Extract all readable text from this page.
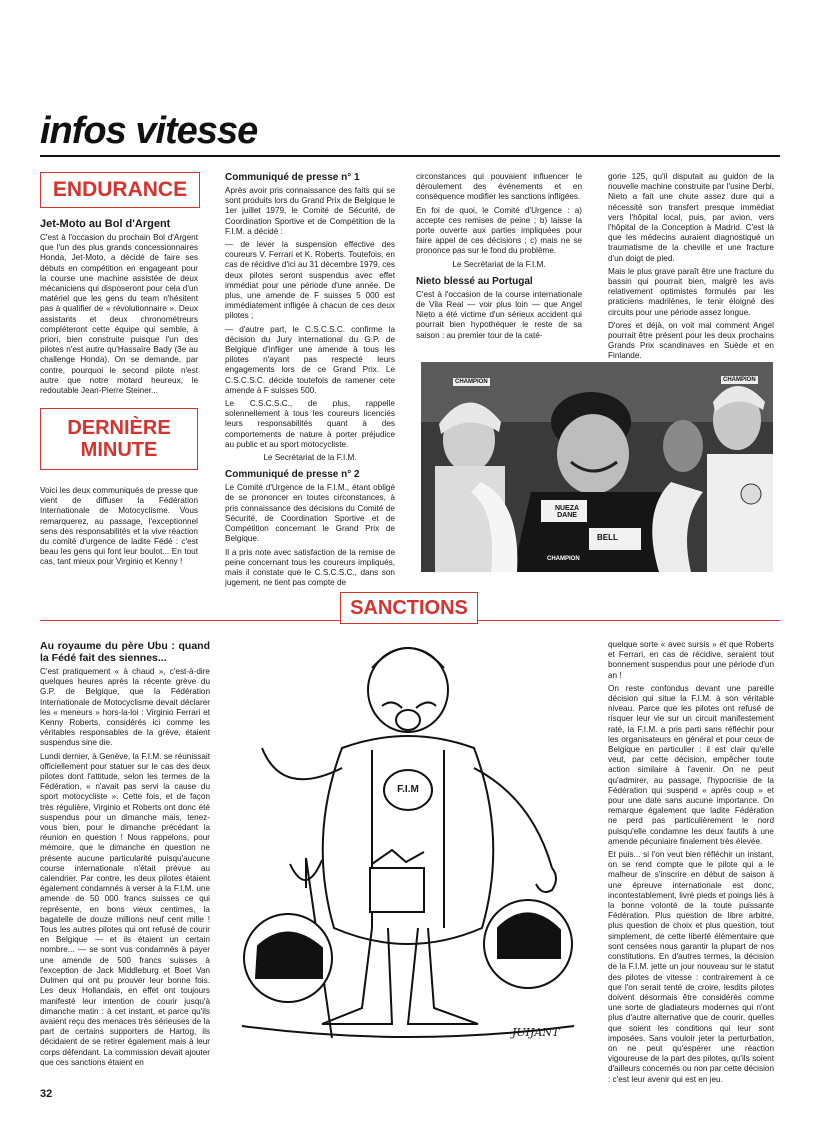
infos vitesse
ENDURANCE
Jet-Moto au Bol d'Argent

C'est à l'occasion du prochain Bol d'Argent que l'un des plus grands concessionnaires Honda, Jet-Moto, a décidé de faire ses débuts en compétition en engageant pour la course une machine assistée de deux mécaniciens qui disposeront pour cela d'un matériel que les gens du team n'hésitent pas à qualifier de « révolutionnaire ». Deux assistants et deux chronométreurs compléteront cette équipe qui semble, à priori, bien construite puisque l'un des pilotes n'est autre qu'Hassaïre Bady (3e au challenge Honda). On se demande, par contre, pourquoi le second pilote n'est autre que notre motard heureux, le redoutable Jean-Pierre Steiner...

DERNIÈRE
MINUTE

Voici les deux communiqués de presse que vient de diffuser la Fédération Internationale de Motocyclisme. Vous remarquerez, au passage, l'exceptionnel sens des responsabilités et la vive réaction du comité d'urgence de ladite Fédé : c'est beau les gens qui font leur boulot... En tout cas, tant mieux pour Virginio et Kenny !

Communiqué de presse n° 1

Après avoir pris connaissance des faits qui se sont produits lors du Grand Prix de Belgique le 1er juillet 1979, le Comité de Sécurité, de Coordination Sportive et de Compétition de la F.I.M. a décidé :

— de lever la suspension effective des coureurs V. Ferrari et K. Roberts. Toutefois, en cas de récidive d'ici au 31 décembre 1979, ces deux pilotes seront suspendus avec effet immédiat pour une période d'une année. De plus, une amende de F suisses 5 000 est immédiatement infligée à chacun de ces deux pilotes ;

— d'autre part, le C.S.C.S.C. confirme la décision du Jury international du G.P. de Belgique d'infliger une amende à tous les pilotes n'ayant pas respecté leurs engagements lors de ce Grand Prix. Le C.S.C.S.C. décide toutefois de ramener cete amende à F suisses 500.

Le C.S.C.S.C., de plus, rappelle solennellement à tous les coureurs licenciés leurs responsabilités quant à des comportements de nature à porter préjudice au public et au sport motocycliste.

Le Secrétariat de la F.I.M.

Communiqué de presse n° 2

Le Comité d'Urgence de la F.I.M., étant obligé de se prononcer en toutes circonstances, à pris connaissance des décisions du Comité de Sécurité, de Coordination Sportive et de Compétition concernant le Grand Prix de Belgique.

Il a pris note avec satisfaction de la remise de peine concernant tous les coureurs impliqués, mais il constate que le C.S.C.S.C., dans son jugement, ne tient pas compte de

circonstances qui pouvaient influencer le déroulement des événements et en conséquence modifier les sanctions infligées.

En foi de quoi, le Comité d'Urgence : a) accepte ces remises de peine ; b) laisse la porte ouverte aux parties impliquées pour faire appel de ces décisions ; c) mais ne se prononce pas sur le fond du problème.

Le Secrétariat de la F.I.M.

Nieto blessé au Portugal

C'est à l'occasion de la course internationale de Vila Real — voir plus loin — que Angel Nieto a été victime d'un sérieux accident qui pourrait bien hypothéquer le reste de sa saison : au premier tour de la caté-

gorie 125, qu'il disputait au guidon de la nouvelle machine construite par l'usine Derbi, Nieto a fait une chute assez dure qui a nécessité son transfert presque immédiat vers l'hôpital local, puis, par avion, vers l'hôpital de la Conception à Madrid. C'est là que les médecins auraient diagnostiqué un traumatisme de la cheville et une fracture d'un doigt de pied.

Mais le plus grave paraît être une fracture du bassin qui pourrait bien, malgré les avis relativement optimistes formulés par les praticiens madrilènes, le tenir éloigné des circuits pour une période assez longue.

D'ores et déjà, on voit mal comment Angel pourrait être présent pour les deux prochains Grands Prix scandinaves en Suède et en Finlande.

CHAMPION	CHAMPION
NUEZA DANE
BELL
CHAMPION
SANCTIONS
Au royaume du père Ubu : quand la Fédé fait des siennes...

C'est pratiquement « à chaud », c'est-à-dire quelques heures après la récente grève du G.P. de Belgique, que la Fédération Internationale de Motocyclisme devait déclarer les « meneurs » hors-la-loi : Virginio Ferrari et Kenny Roberts, considérés ici comme les véritables responsables de la grève, étaient suspendus sine die.

Lundi dernier, à Genève, la F.I.M. se réunissait officiellement pour statuer sur le cas des deux pilotes dont l'attitude, selon les termes de la Fédération, « n'avait pas servi la cause du sport motocycliste ». Cette fois, et de façon très régulière, Virginio et Roberts ont donc été suspendus pour un dimanche mais, tenez-vous bien, pour le dimanche précédant la réunion en question ! Nous rappelons, pour mémoire, que le dimanche en question ne présente aucune particularité puisqu'aucune course internationale n'était prévue au calendrier. Par contre, les deux pilotes étaient également condamnés à verser à la F.I.M. une amende de 50 000 francs suisses ce qui représente, en bons vieux centimes, la bagatelle de douze millions neuf cent mille ! Tous les autres pilotes qui ont refusé de courir en Belgique — et ils étaient un certain nombre... — se sont vus condamnés à payer une amende de 500 francs suisses à l'exception de Jack Middleburg et Boet Van Dulmen qui ont pu prouver leur bonne fois. Les deux Hollandais, en effet ont toujours manifesté leur intention de courir jusqu'à dimanche matin : à cet instant, et parce qu'ils avaient reçu des menaces très sérieuses de la part de certains supporters de Hartog, ils décidaient de se retirer également mais à leur corps défendant. La commission devait ajouter que ces sanctions étaient en

quelque sorte « avec sursis » et que Roberts et Ferrari, en cas de récidive, seraient tout bonnement suspendus pour une période d'un an !

On reste confondus devant une pareille décision qui situe la F.I.M. à son véritable niveau. Parce que les pilotes ont refusé de risquer leur vie sur un circuit manifestement raté, la F.I.M. a pris parti sans réfléchir pour les organisateurs en général et pour ceux de Belgique en particulier : il est clair qu'elle veut, par cette décision, empêcher toute action similaire à l'avenir. On ne peut qu'admirer, au passage, l'hypocrisie de la Fédération qui suspend « après coup » et pour une date sans aucune importance. On remarque également que ladite Fédération ne perd pas particulièrement le nord puisqu'elle condamne les deux fautifs à une amende pécuniaire finalement très élevée.

Et puis... si l'on veut bien réfléchir un instant, on se rend compte que le pilote qui a le malheur de s'inscrire en début de saison à une épreuve internationale est donc, incontestablement, livré pieds et poings liés à la bonne volonté de la toute puissante Fédération. Plus question de libre arbitre, plus question de choix et plus question, tout simplement, de cette liberté élémentaire que sont censées nous garantir la plupart de nos constitutions. En d'autres termes, la décision de la F.I.M. jette un jour nouveau sur le statut des pilotes de vitesse : contrairement à ce que l'on serait tenté de croire, lesdits pilotes doivent désormais être considérés comme une sorte de gladiateurs modernes qui n'ont plus d'autre alternative que de courir, quelles que soient les conditions qui leur sont imposées. Sans vouloir jeter la perturbation, on ne peut qu'espérer une réaction vigoureuse de la part des pilotes, qu'ils soient d'ailleurs concernés ou non par cette décision : c'est leur avenir qui est en jeu.

F.I.M
JUIJANT
32
